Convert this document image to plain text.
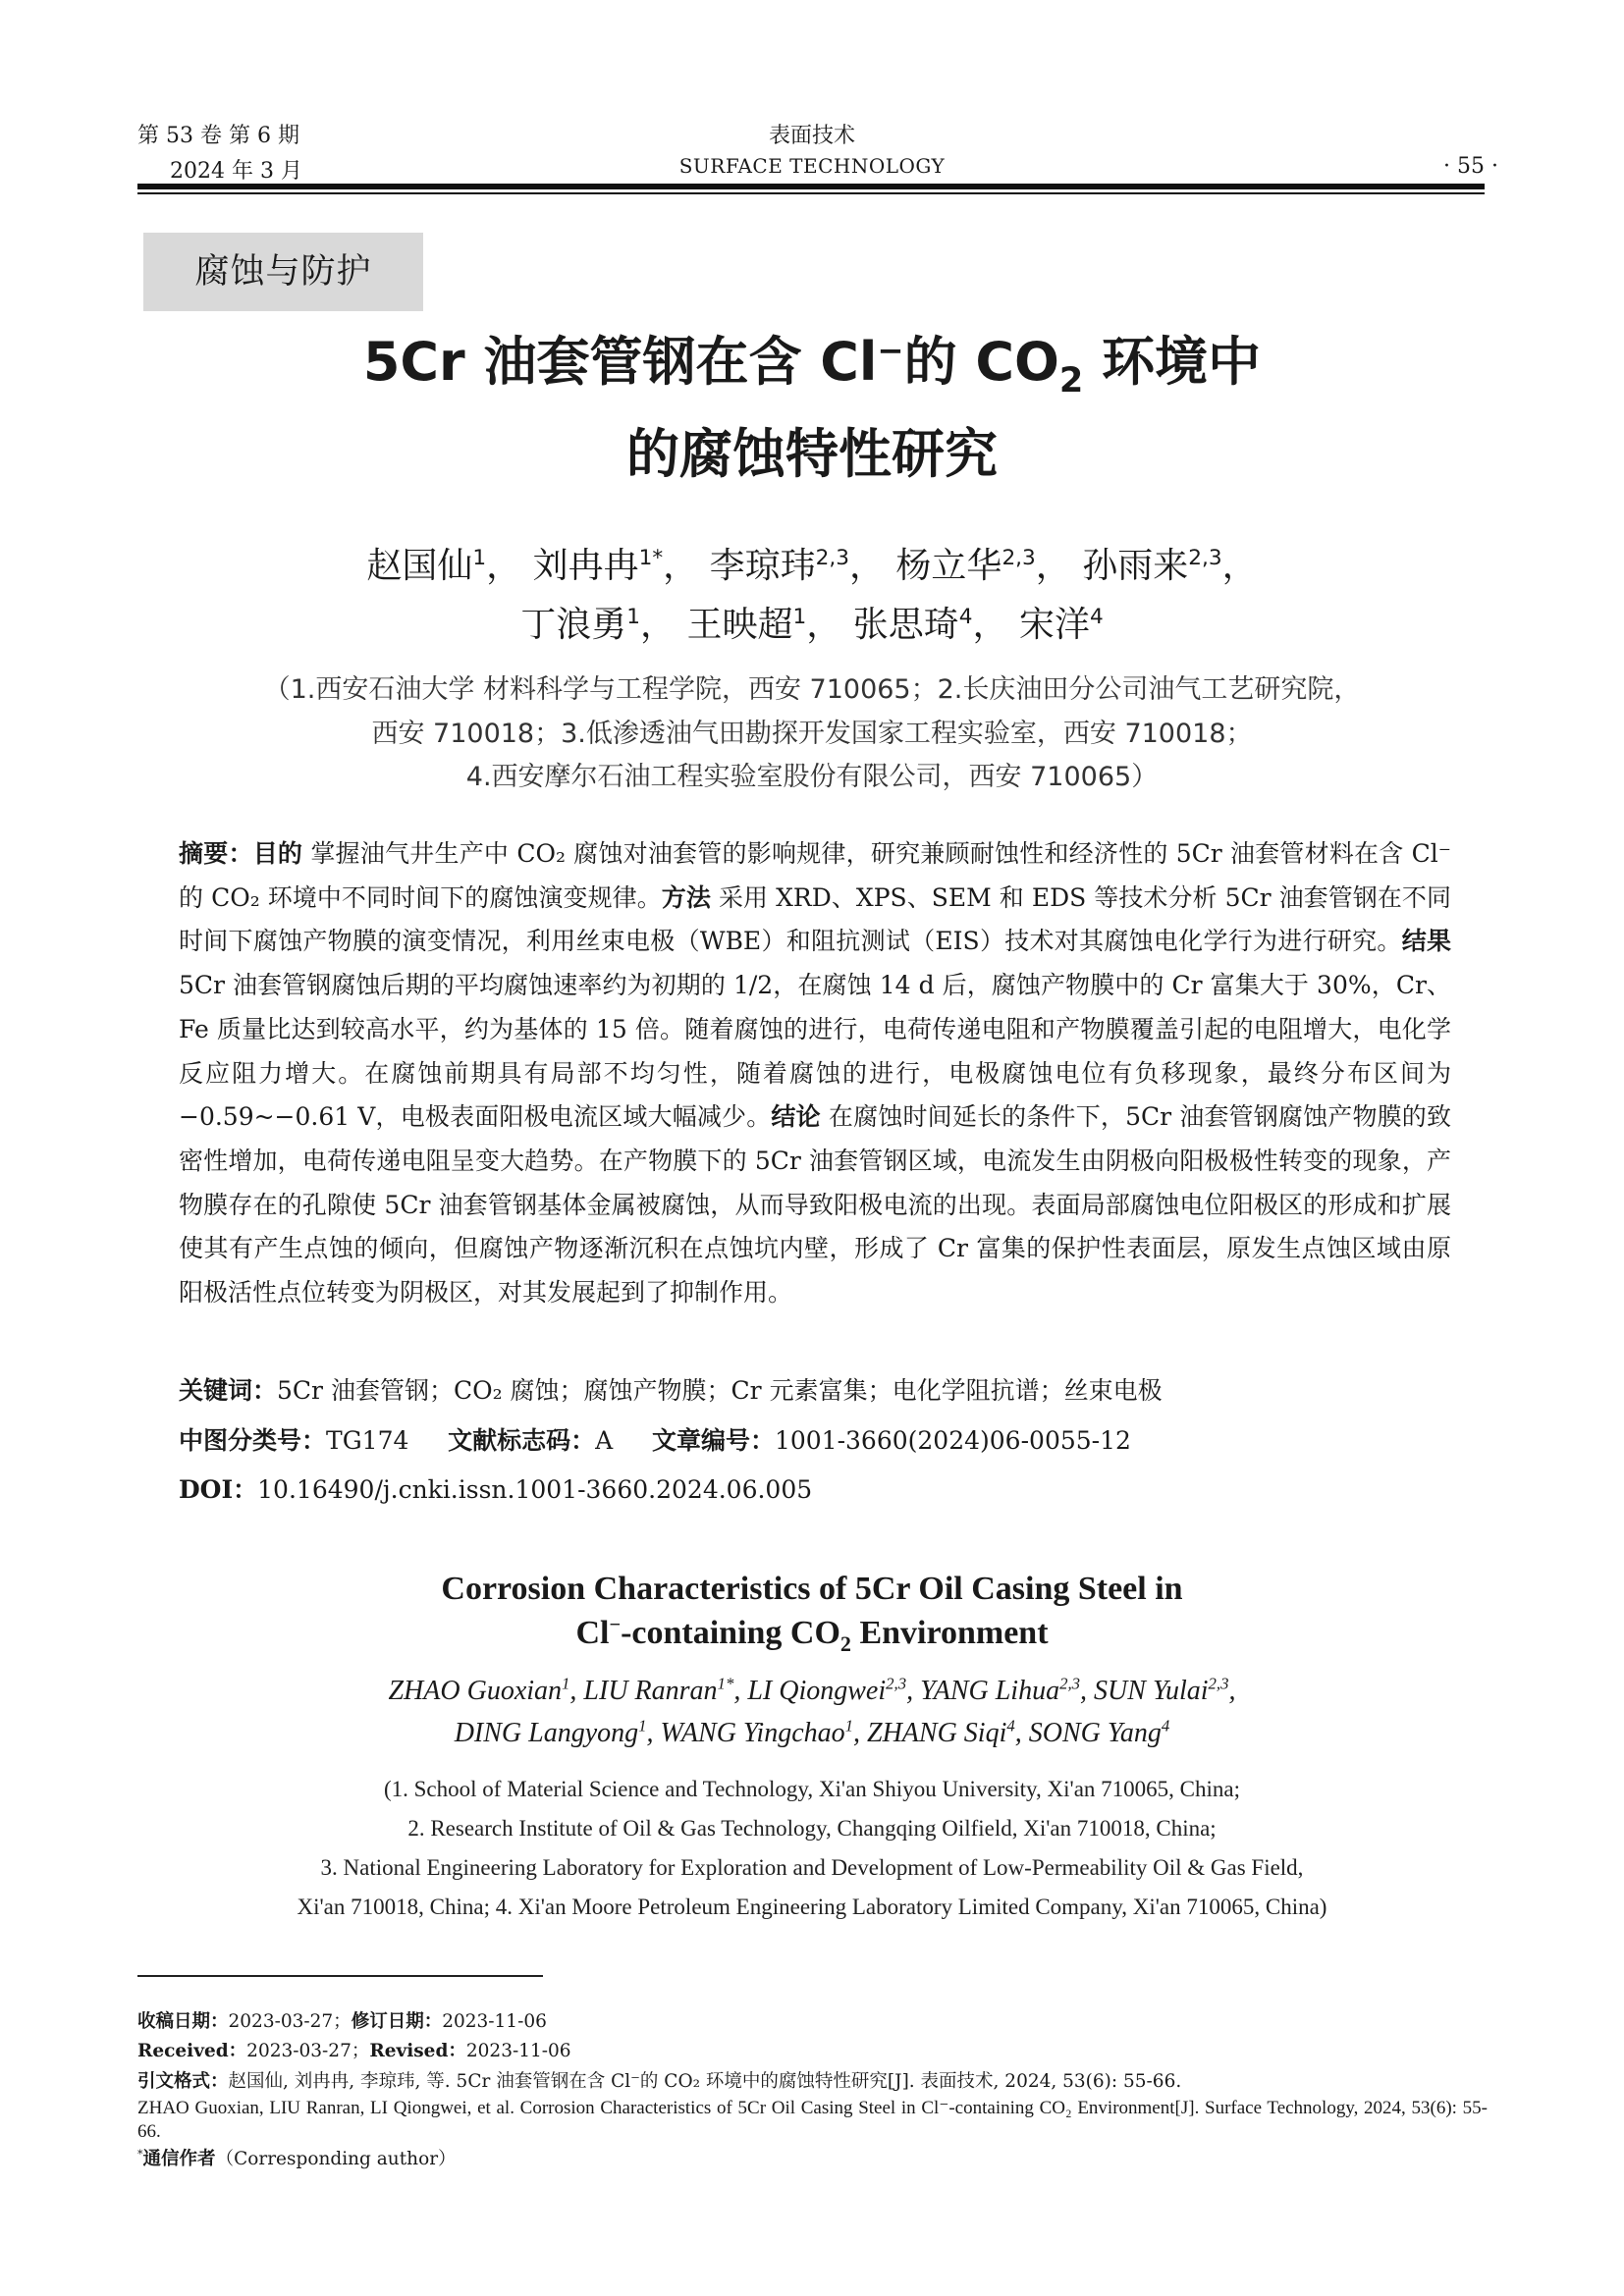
第 53 卷 第 6 期
2024 年 3 月
表面技术
SURFACE TECHNOLOGY	· 55 ·
腐蚀与防护
5Cr 油套管钢在含 Cl−的 $CO_2$ 环境中
的腐蚀特性研究
赵国仙$^1$， 刘冉冉$^{1*}$， 李琼玮$^{2,3}$， 杨立华$^{2,3}$， 孙雨来$^{2,3}$，
丁浪勇$^1$， 王映超$^1$， 张思琦$^4$， 宋洋$^4$
（1.西安石油大学 材料科学与工程学院，西安 710065；2.长庆油田分公司油气工艺研究院，
西安 710018；3.低渗透油气田勘探开发国家工程实验室，西安 710018；
4.西安摩尔石油工程实验室股份有限公司，西安 710065）
摘要：目的 掌握油气井生产中 CO₂ 腐蚀对油套管的影响规律，研究兼顾耐蚀性和经济性的 5Cr 油套管材料在含 Cl⁻的 CO₂ 环境中不同时间下的腐蚀演变规律。方法 采用 XRD、XPS、SEM 和 EDS 等技术分析 5Cr 油套管钢在不同时间下腐蚀产物膜的演变情况，利用丝束电极（WBE）和阻抗测试（EIS）技术对其腐蚀电化学行为进行研究。结果 5Cr 油套管钢腐蚀后期的平均腐蚀速率约为初期的 1/2，在腐蚀 14 d 后，腐蚀产物膜中的 Cr 富集大于 30%，Cr、Fe 质量比达到较高水平，约为基体的 15 倍。随着腐蚀的进行，电荷传递电阻和产物膜覆盖引起的电阻增大，电化学反应阻力增大。在腐蚀前期具有局部不均匀性，随着腐蚀的进行，电极腐蚀电位有负移现象，最终分布区间为−0.59~−0.61 V，电极表面阳极电流区域大幅减少。结论 在腐蚀时间延长的条件下，5Cr 油套管钢腐蚀产物膜的致密性增加，电荷传递电阻呈变大趋势。在产物膜下的 5Cr 油套管钢区域，电流发生由阴极向阳极极性转变的现象，产物膜存在的孔隙使 5Cr 油套管钢基体金属被腐蚀，从而导致阳极电流的出现。表面局部腐蚀电位阳极区的形成和扩展使其有产生点蚀的倾向，但腐蚀产物逐渐沉积在点蚀坑内壁，形成了 Cr 富集的保护性表面层，原发生点蚀区域由原阳极活性点位转变为阴极区，对其发展起到了抑制作用。
关键词：5Cr 油套管钢；CO₂ 腐蚀；腐蚀产物膜；Cr 元素富集；电化学阻抗谱；丝束电极
中图分类号：TG174 文献标志码：A 文章编号：1001-3660(2024)06-0055-12
DOI：10.16490/j.cnki.issn.1001-3660.2024.06.005
Corrosion Characteristics of 5Cr Oil Casing Steel in
Cl−-containing $CO_2$ Environment
ZHAO Guoxian$^1$, LIU Ranran$^{1*}$, LI Qiongwei$^{2,3}$, YANG Lihua$^{2,3}$, SUN Yulai$^{2,3}$,
DING Langyong$^1$, WANG Yingchao$^1$, ZHANG Siqi$^4$, SONG Yang$^4$
(1. School of Material Science and Technology, Xi'an Shiyou University, Xi'an 710065, China;
2. Research Institute of Oil & Gas Technology, Changqing Oilfield, Xi'an 710018, China;
3. National Engineering Laboratory for Exploration and Development of Low-Permeability Oil & Gas Field,
Xi'an 710018, China; 4. Xi'an Moore Petroleum Engineering Laboratory Limited Company, Xi'an 710065, China)
收稿日期：2023-03-27；修订日期：2023-11-06
Received：2023-03-27；Revised：2023-11-06
引文格式：赵国仙, 刘冉冉, 李琼玮, 等. 5Cr 油套管钢在含 Cl⁻的 CO₂ 环境中的腐蚀特性研究[J]. 表面技术, 2024, 53(6): 55-66.
ZHAO Guoxian, LIU Ranran, LI Qiongwei, et al. Corrosion Characteristics of 5Cr Oil Casing Steel in Cl⁻-containing CO₂ Environment[J]. Surface Technology, 2024, 53(6): 55-66.
*通信作者（Corresponding author）
